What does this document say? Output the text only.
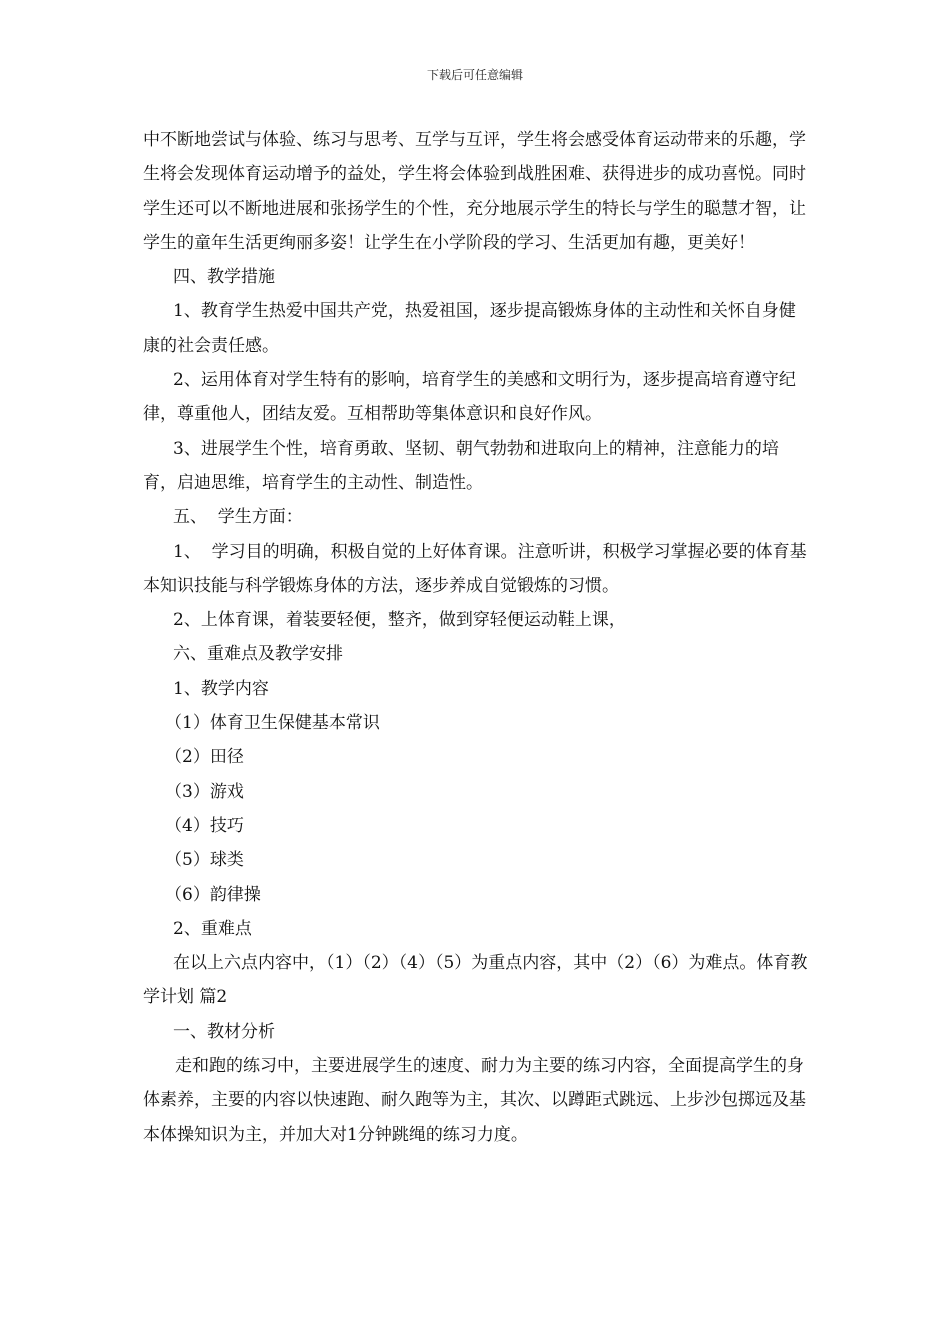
下载后可任意编辑

中不断地尝试与体验、练习与思考、互学与互评，学生将会感受体育运动带来的乐趣，学生将会发现体育运动增予的益处，学生将会体验到战胜困难、获得进步的成功喜悦。同时学生还可以不断地进展和张扬学生的个性，充分地展示学生的特长与学生的聪慧才智，让学生的童年生活更绚丽多姿！让学生在小学阶段的学习、生活更加有趣，更美好！

四、教学措施

1、教育学生热爱中国共产党，热爱祖国，逐步提高锻炼身体的主动性和关怀自身健康的社会责任感。

2、运用体育对学生特有的影响，培育学生的美感和文明行为，逐步提高培育遵守纪律，尊重他人，团结友爱。互相帮助等集体意识和良好作风。

3、进展学生个性，培育勇敢、坚韧、朝气勃勃和进取向上的精神，注意能力的培育，启迪思维，培育学生的主动性、制造性。

五、  学生方面：

1、  学习目的明确，积极自觉的上好体育课。注意听讲，积极学习掌握必要的体育基本知识技能与科学锻炼身体的方法，逐步养成自觉锻炼的习惯。

2、上体育课，着装要轻便，整齐，做到穿轻便运动鞋上课，

六、重难点及教学安排

1、教学内容

（1）体育卫生保健基本常识

（2）田径

（3）游戏

（4）技巧

（5）球类

（6）韵律操

2、重难点

在以上六点内容中，（1）（2）（4）（5）为重点内容，其中（2）（6）为难点。体育教学计划 篇2

一、教材分析

走和跑的练习中，主要进展学生的速度、耐力为主要的练习内容，全面提高学生的身体素养，主要的内容以快速跑、耐久跑等为主，其次、以蹲距式跳远、上步沙包掷远及基本体操知识为主，并加大对1分钟跳绳的练习力度。
